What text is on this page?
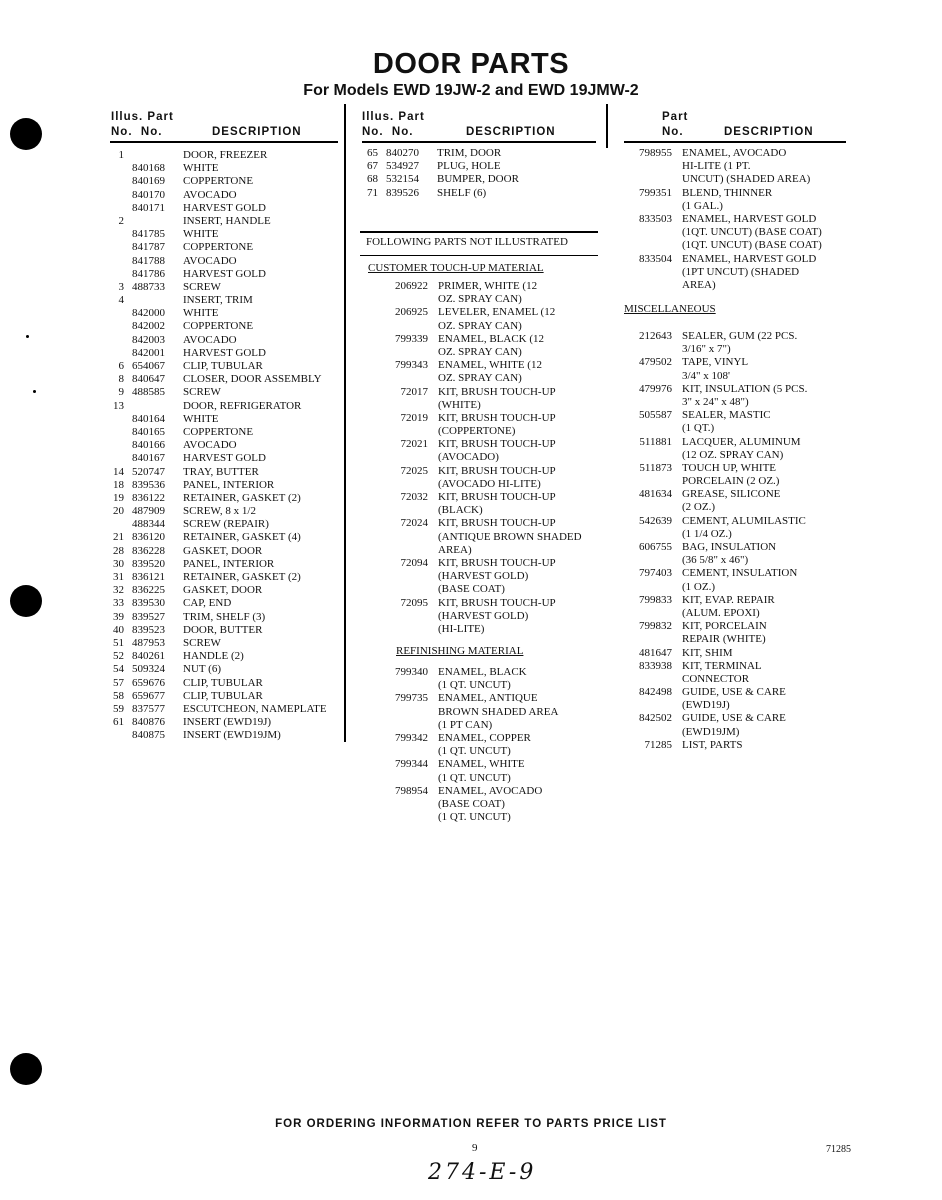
DOOR PARTS
For Models EWD 19JW-2 and EWD 19JMW-2
Illus. Part
No. No.	DESCRIPTION
Illus. Part
No. No.	DESCRIPTION
Part
No.	DESCRIPTION
1	DOOR, FREEZER
840168 WHITE
840169 COPPERTONE
840170 AVOCADO
840171 HARVEST GOLD
2	INSERT, HANDLE
841785 WHITE
841787 COPPERTONE
841788 AVOCADO
841786 HARVEST GOLD
3 488733 SCREW
4	INSERT, TRIM
842000 WHITE
842002 COPPERTONE
842003 AVOCADO
842001 HARVEST GOLD
6 654067 CLIP, TUBULAR
8 840647 CLOSER, DOOR ASSEMBLY
9 488585 SCREW
13	DOOR, REFRIGERATOR
840164 WHITE
840165 COPPERTONE
840166 AVOCADO
840167 HARVEST GOLD
14 520747 TRAY, BUTTER
18 839536 PANEL, INTERIOR
19 836122 RETAINER, GASKET (2)
20 487909 SCREW, 8 x 1/2
488344 SCREW (REPAIR)
21 836120 RETAINER, GASKET (4)
28 836228 GASKET, DOOR
30 839520 PANEL, INTERIOR
31 836121 RETAINER, GASKET (2)
32 836225 GASKET, DOOR
33 839530 CAP, END
39 839527 TRIM, SHELF (3)
40 839523 DOOR, BUTTER
51 487953 SCREW
52 840261 HANDLE (2)
54 509324 NUT (6)
57 659676 CLIP, TUBULAR
58 659677 CLIP, TUBULAR
59 837577 ESCUTCHEON, NAMEPLATE
61 840876 INSERT (EWD19J)
840875 INSERT (EWD19JM)
65 840270 TRIM, DOOR
67 534927 PLUG, HOLE
68 532154 BUMPER, DOOR
71 839526 SHELF (6)
FOLLOWING PARTS NOT ILLUSTRATED
CUSTOMER TOUCH-UP MATERIAL
206922 PRIMER, WHITE (12
OZ. SPRAY CAN)
206925 LEVELER, ENAMEL (12
OZ. SPRAY CAN)
799339 ENAMEL, BLACK (12
OZ. SPRAY CAN)
799343 ENAMEL, WHITE (12
OZ. SPRAY CAN)
72017 KIT, BRUSH TOUCH-UP
(WHITE)
72019 KIT, BRUSH TOUCH-UP
(COPPERTONE)
72021 KIT, BRUSH TOUCH-UP
(AVOCADO)
72025 KIT, BRUSH TOUCH-UP
(AVOCADO HI-LITE)
72032 KIT, BRUSH TOUCH-UP
(BLACK)
72024 KIT, BRUSH TOUCH-UP
(ANTIQUE BROWN SHADED
AREA)
72094 KIT, BRUSH TOUCH-UP
(HARVEST GOLD)
(BASE COAT)
72095 KIT, BRUSH TOUCH-UP
(HARVEST GOLD)
(HI-LITE)
REFINISHING MATERIAL
799340 ENAMEL, BLACK
(1 QT. UNCUT)
799735 ENAMEL, ANTIQUE
BROWN SHADED AREA
(1 PT CAN)
799342 ENAMEL, COPPER
(1 QT. UNCUT)
799344 ENAMEL, WHITE
(1 QT. UNCUT)
798954 ENAMEL, AVOCADO
(BASE COAT)
(1 QT. UNCUT)
798955 ENAMEL, AVOCADO
HI-LITE (1 PT.
UNCUT) (SHADED AREA)
799351 BLEND, THINNER
(1 GAL.)
833503 ENAMEL, HARVEST GOLD
(1QT. UNCUT) (BASE COAT)
(1QT. UNCUT) (BASE COAT)
833504 ENAMEL, HARVEST GOLD
(1PT UNCUT) (SHADED
AREA)
MISCELLANEOUS
212643 SEALER, GUM (22 PCS.
3/16" x 7")
479502 TAPE, VINYL
3/4" x 108'
479976 KIT, INSULATION (5 PCS.
3" x 24" x 48")
505587 SEALER, MASTIC
(1 QT.)
511881 LACQUER, ALUMINUM
(12 OZ. SPRAY CAN)
511873 TOUCH UP, WHITE
PORCELAIN (2 OZ.)
481634 GREASE, SILICONE
(2 OZ.)
542639 CEMENT, ALUMILASTIC
(1 1/4 OZ.)
606755 BAG, INSULATION
(36 5/8" x 46")
797403 CEMENT, INSULATION
(1 OZ.)
799833 KIT, EVAP. REPAIR
(ALUM. EPOXI)
799832 KIT, PORCELAIN
REPAIR (WHITE)
481647 KIT, SHIM
833938 KIT, TERMINAL
CONNECTOR
842498 GUIDE, USE & CARE
(EWD19J)
842502 GUIDE, USE & CARE
(EWD19JM)
71285 LIST, PARTS
FOR ORDERING INFORMATION REFER TO PARTS PRICE LIST
9	71285
274-E-9
